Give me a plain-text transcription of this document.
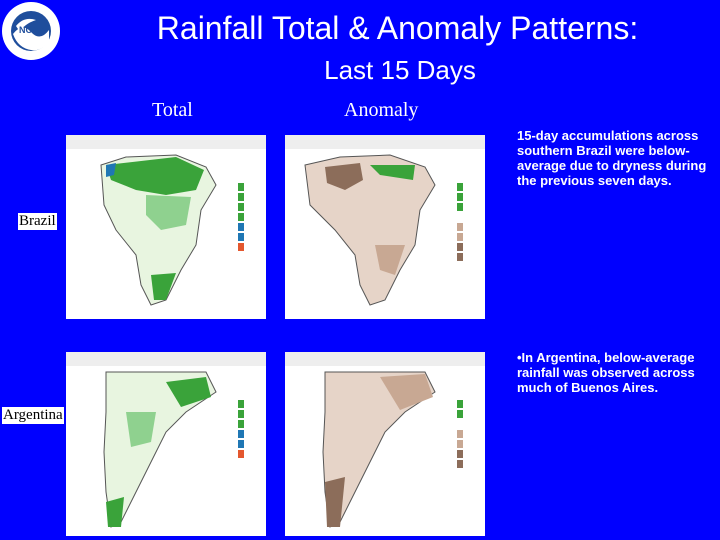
NOAA	Rainfall Total & Anomaly Patterns:
Last 15 Days
Total	Anomaly
Brazil
Argentina
15-day accumulations across southern Brazil were below-average due to dryness during the previous seven days.
•In Argentina, below-average rainfall was observed across much of Buenos Aires.
